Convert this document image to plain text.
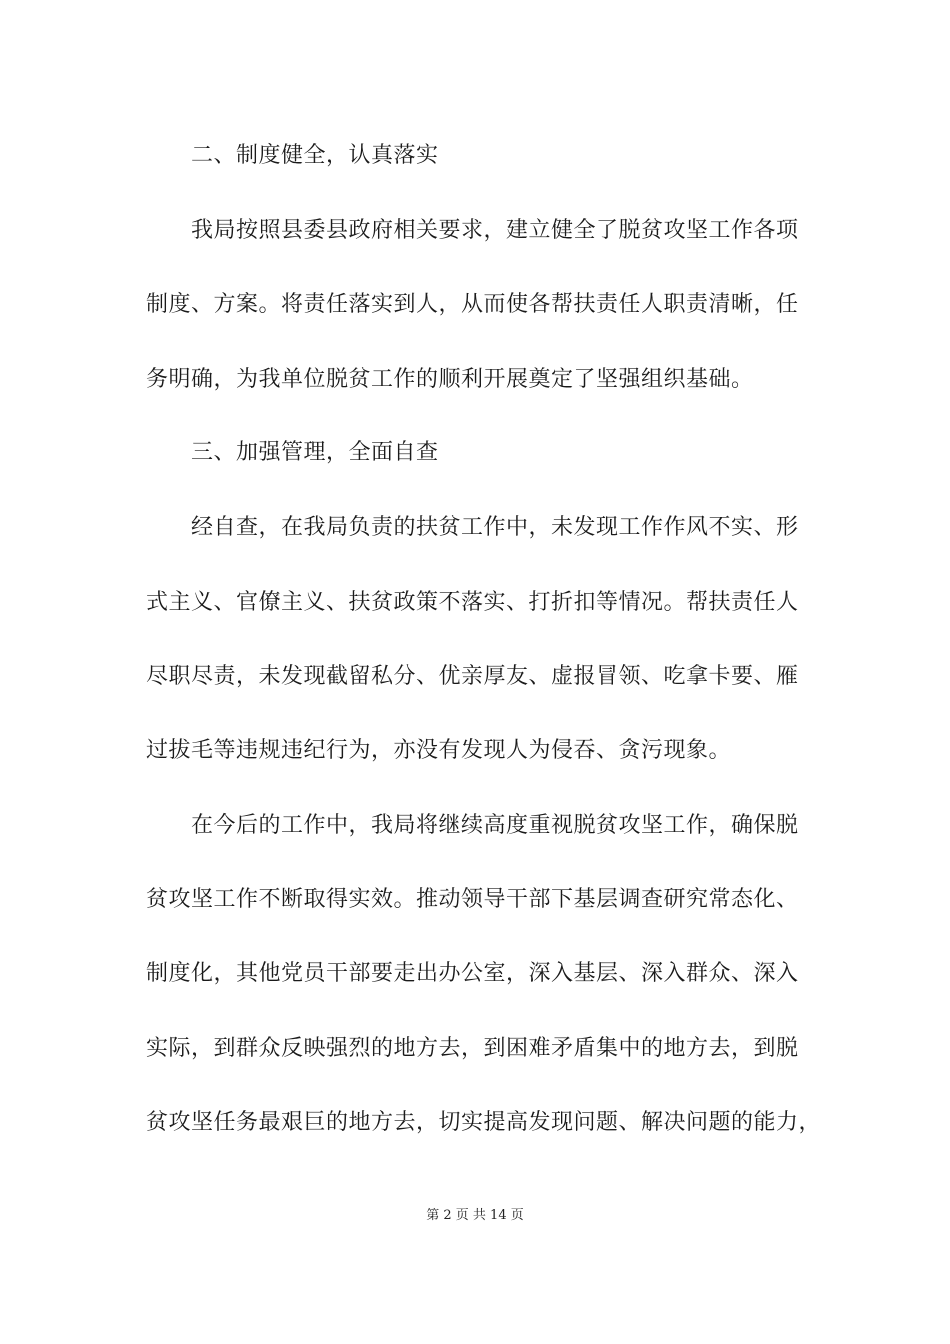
二、制度健全，认真落实
我局按照县委县政府相关要求，建立健全了脱贫攻坚工作各项
制度、方案。将责任落实到人，从而使各帮扶责任人职责清晰，任
务明确，为我单位脱贫工作的顺利开展奠定了坚强组织基础。
三、加强管理，全面自查
经自查，在我局负责的扶贫工作中，未发现工作作风不实、形
式主义、官僚主义、扶贫政策不落实、打折扣等情况。帮扶责任人
尽职尽责，未发现截留私分、优亲厚友、虚报冒领、吃拿卡要、雁
过拔毛等违规违纪行为，亦没有发现人为侵吞、贪污现象。
在今后的工作中，我局将继续高度重视脱贫攻坚工作，确保脱
贫攻坚工作不断取得实效。推动领导干部下基层调查研究常态化、
制度化，其他党员干部要走出办公室，深入基层、深入群众、深入
实际，到群众反映强烈的地方去，到困难矛盾集中的地方去，到脱
贫攻坚任务最艰巨的地方去，切实提高发现问题、解决问题的能力，
第 2 页 共 14 页
